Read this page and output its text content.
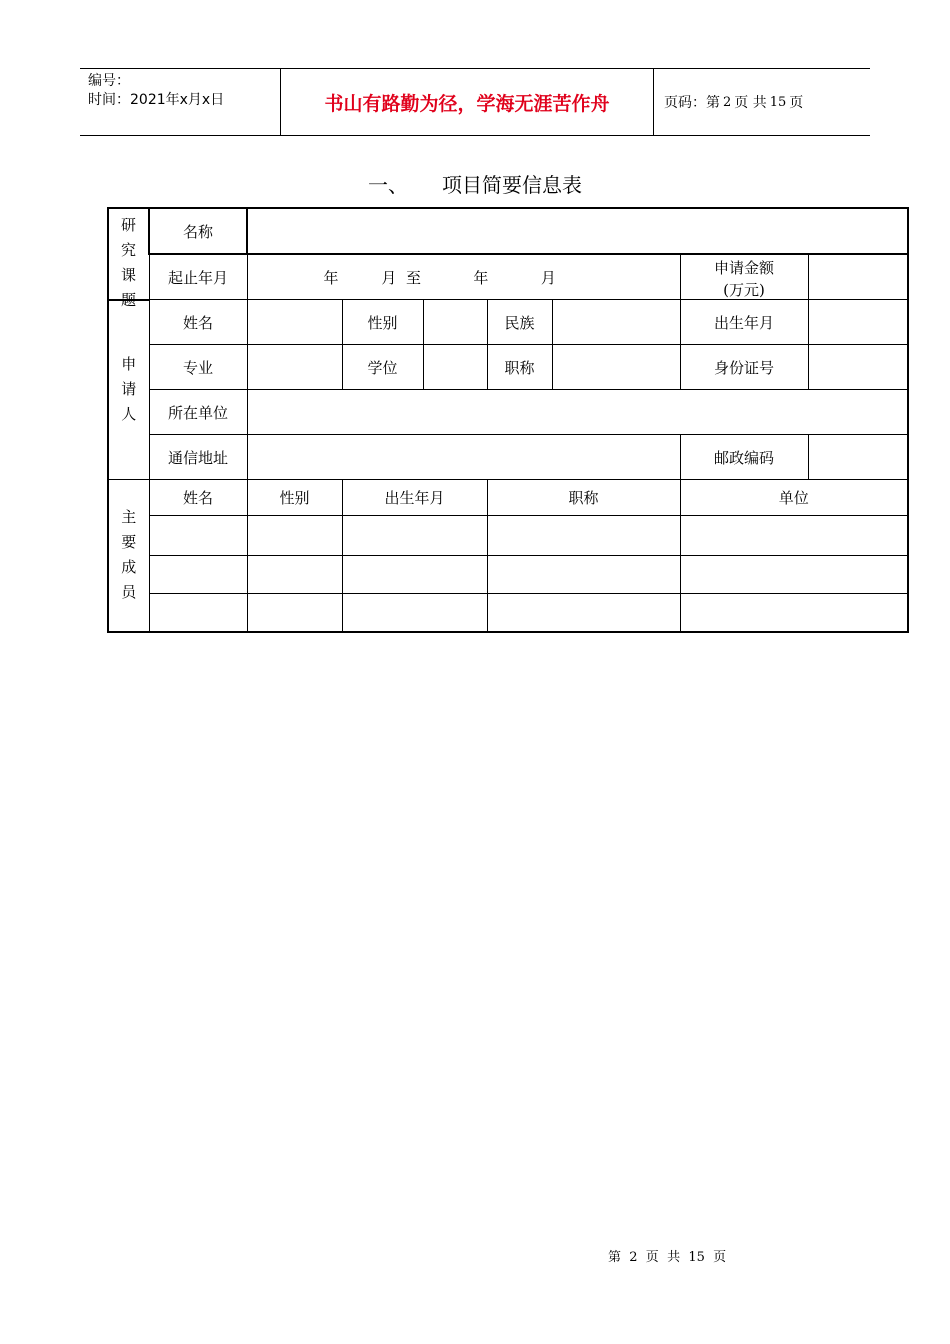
编号：
时间：2021年x月x日	书山有路勤为径，学海无涯苦作舟	页码：第 2 页 共 15 页
一、 项目简要信息表
研究课题	名称							
	起止年月	年         月  至           年           月					申请金额
(万元)	

申请人	姓名		性别		民族		出生年月	
	专业		学位		职称		身份证号	
	所在单位							
	通信地址						邮政编码	

主要成员	姓名	性别	出生年月		职称		单位	

第  2  页  共  15  页
